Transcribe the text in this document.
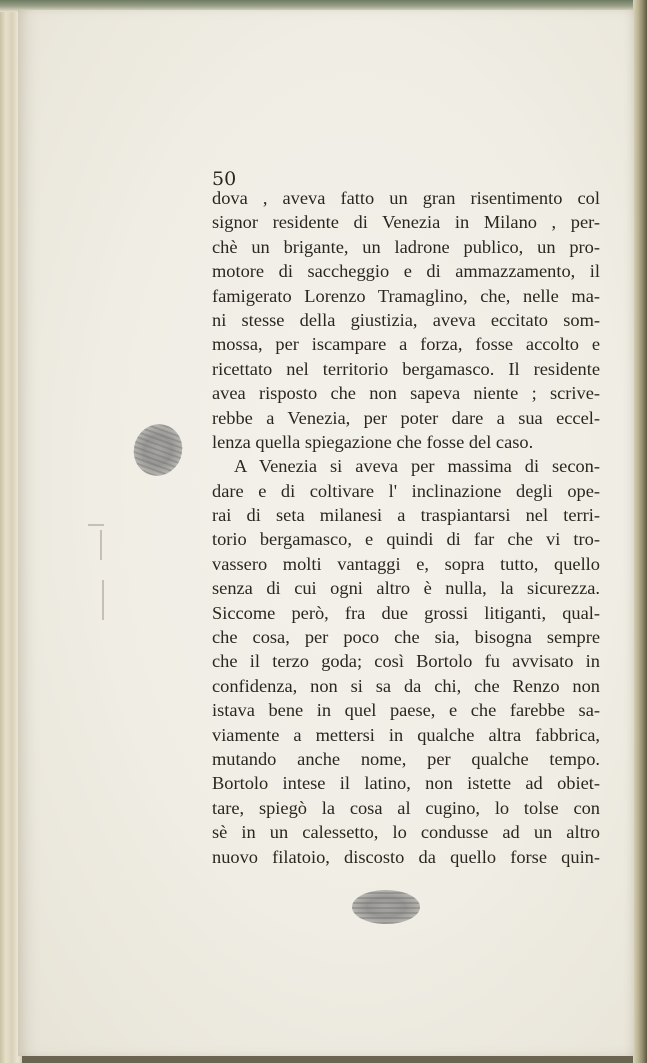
50

dova , aveva fatto un gran risentimento col
signor residente di Venezia in Milano , per-
chè un brigante, un ladrone publico, un pro-
motore di saccheggio e di ammazzamento, il
famigerato Lorenzo Tramaglino, che, nelle ma-
ni stesse della giustizia, aveva eccitato som-
mossa, per iscampare a forza, fosse accolto e
ricettato nel territorio bergamasco. Il residente
avea risposto che non sapeva niente ; scrive-
rebbe a Venezia, per poter dare a sua eccel-
lenza quella spiegazione che fosse del caso.
A Venezia si aveva per massima di secon-
dare e di coltivare l' inclinazione degli ope-
rai di seta milanesi a traspiantarsi nel terri-
torio bergamasco, e quindi di far che vi tro-
vassero molti vantaggi e, sopra tutto, quello
senza di cui ogni altro è nulla, la sicurezza.
Siccome però, fra due grossi litiganti, qual-
che cosa, per poco che sia, bisogna sempre
che il terzo goda; così Bortolo fu avvisato in
confidenza, non si sa da chi, che Renzo non
istava bene in quel paese, e che farebbe sa-
viamente a mettersi in qualche altra fabbrica,
mutando anche nome, per qualche tempo.
Bortolo intese il latino, non istette ad obiet-
tare, spiegò la cosa al cugino, lo tolse con
sè in un calessetto, lo condusse ad un altro
nuovo filatoio, discosto da quello forse quin-
